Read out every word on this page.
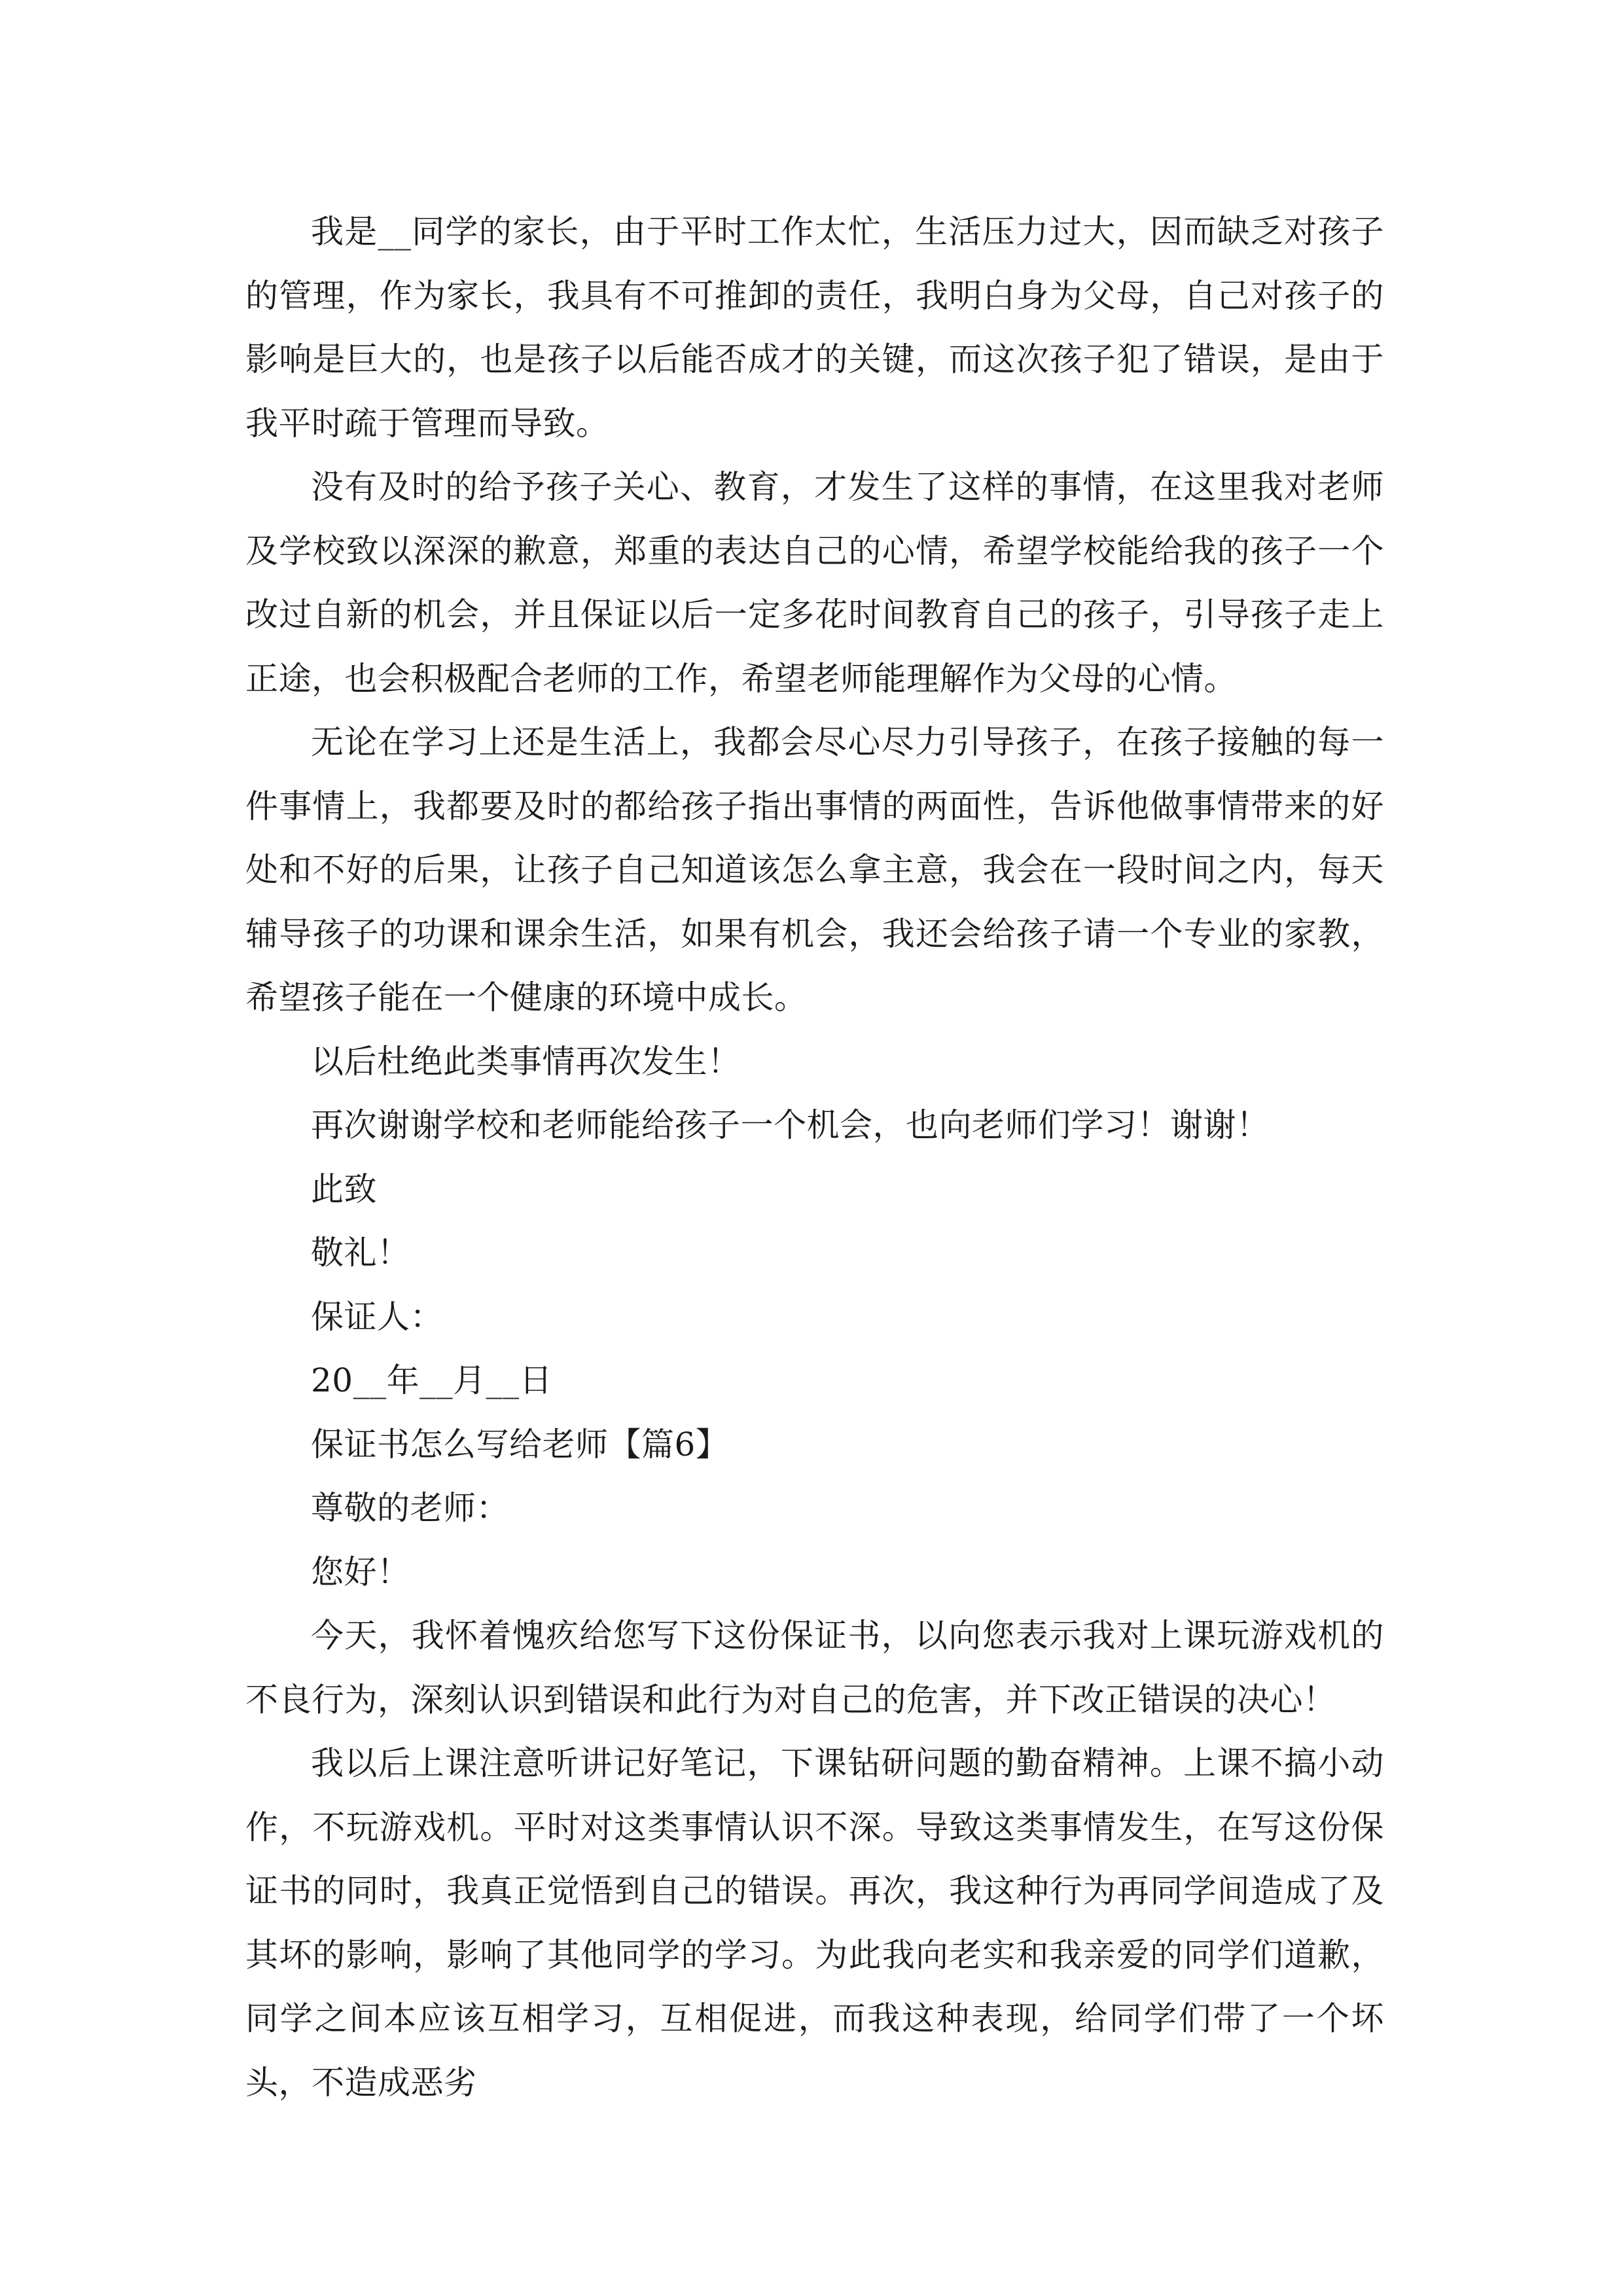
我是__同学的家长，由于平时工作太忙，生活压力过大，因而缺乏对孩子的管理，作为家长，我具有不可推卸的责任，我明白身为父母，自己对孩子的影响是巨大的，也是孩子以后能否成才的关键，而这次孩子犯了错误，是由于我平时疏于管理而导致。

没有及时的给予孩子关心、教育，才发生了这样的事情，在这里我对老师及学校致以深深的歉意，郑重的表达自己的心情，希望学校能给我的孩子一个改过自新的机会，并且保证以后一定多花时间教育自己的孩子，引导孩子走上正途，也会积极配合老师的工作，希望老师能理解作为父母的心情。

无论在学习上还是生活上，我都会尽心尽力引导孩子，在孩子接触的每一件事情上，我都要及时的都给孩子指出事情的两面性，告诉他做事情带来的好处和不好的后果，让孩子自己知道该怎么拿主意，我会在一段时间之内，每天辅导孩子的功课和课余生活，如果有机会，我还会给孩子请一个专业的家教，希望孩子能在一个健康的环境中成长。

以后杜绝此类事情再次发生！

再次谢谢学校和老师能给孩子一个机会，也向老师们学习！谢谢！

此致

敬礼！

保证人：

20__年__月__日

保证书怎么写给老师【篇6】

尊敬的老师：

您好！

今天，我怀着愧疚给您写下这份保证书，以向您表示我对上课玩游戏机的不良行为，深刻认识到错误和此行为对自己的危害，并下改正错误的决心！

我以后上课注意听讲记好笔记，下课钻研问题的勤奋精神。上课不搞小动作，不玩游戏机。平时对这类事情认识不深。导致这类事情发生，在写这份保证书的同时，我真正觉悟到自己的错误。再次，我这种行为再同学间造成了及其坏的影响，影响了其他同学的学习。为此我向老实和我亲爱的同学们道歉，同学之间本应该互相学习，互相促进，而我这种表现，给同学们带了一个坏头，不造成恶劣
